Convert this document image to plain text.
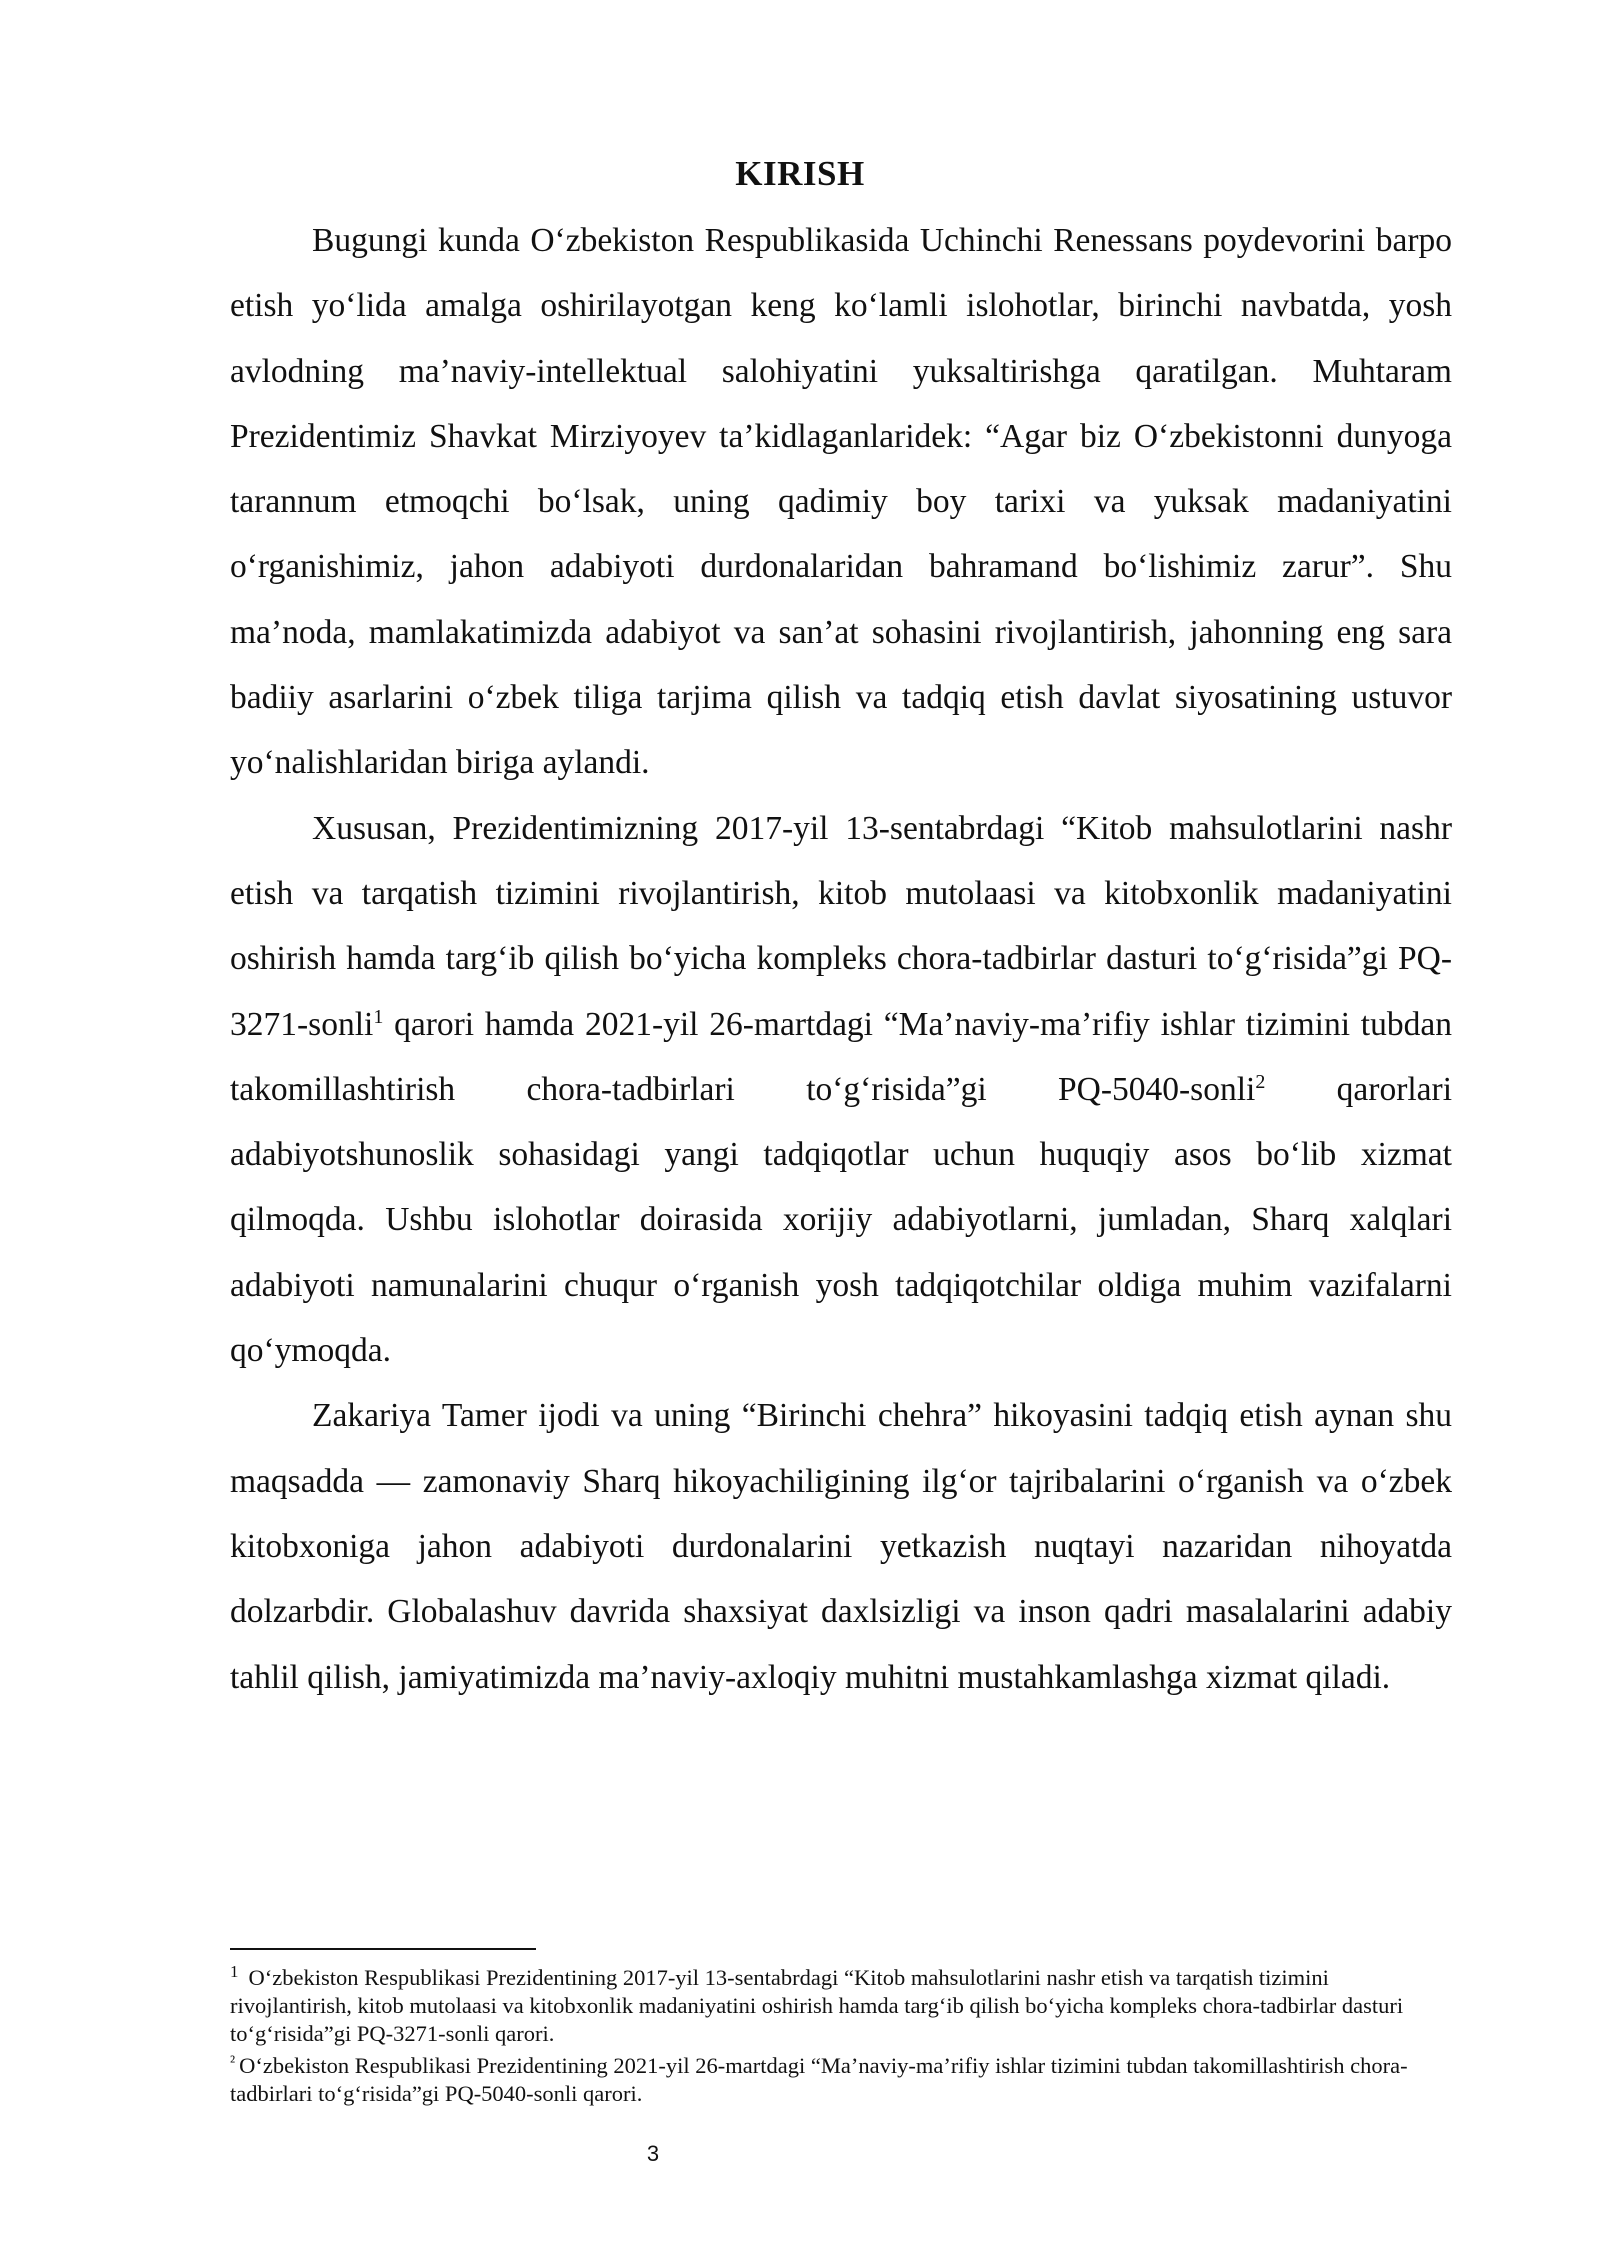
KIRISH

Bugungi kunda O‘zbekiston Respublikasida Uchinchi Renessans poydevorini barpo etish yo‘lida amalga oshirilayotgan keng ko‘lamli islohotlar, birinchi navbatda, yosh avlodning ma’naviy-intellektual salohiyatini yuksaltirishga qaratilgan. Muhtaram Prezidentimiz Shavkat Mirziyoyev ta’kidlaganlaridek: “Agar biz O‘zbekistonni dunyoga tarannum etmoqchi bo‘lsak, uning qadimiy boy tarixi va yuksak madaniyatini o‘rganishimiz, jahon adabiyoti durdonalaridan bahramand bo‘lishimiz zarur”. Shu ma’noda, mamlakatimizda adabiyot va san’at sohasini rivojlantirish, jahonning eng sara badiiy asarlarini o‘zbek tiligа tarjima qilish va tadqiq etish davlat siyosatining ustuvor yo‘nalishlaridan biriga aylandi.

Xususan, Prezidentimizning 2017-yil 13-sentabrdagi “Kitob mahsulotlarini nashr etish va tarqatish tizimini rivojlantirish, kitob mutolaasi va kitobxonlik madaniyatini oshirish hamda targ‘ib qilish bo‘yicha kompleks chora-tadbirlar dasturi to‘g‘risida”gi PQ-3271-sonli$^1$ qarori hamda 2021-yil 26-martdagi “Ma’naviy-ma’rifiy ishlar tizimini tubdan takomillashtirish chora-tadbirlari to‘g‘risida”gi PQ-5040-sonli$^2$ qarorlari adabiyotshunoslik sohasidagi yangi tadqiqotlar uchun huquqiy asos bo‘lib xizmat qilmoqda. Ushbu islohotlar doirasida xorijiy adabiyotlarni, jumladan, Sharq xalqlari adabiyoti namunalarini chuqur o‘rganish yosh tadqiqotchilar oldiga muhim vazifalarni qo‘ymoqda.

Zakariya Tamer ijodi va uning “Birinchi chehra” hikoyasini tadqiq etish aynan shu maqsadda — zamonaviy Sharq hikoyachiligining ilg‘or tajribalarini o‘rganish va o‘zbek kitobxoniga jahon adabiyoti durdonalarini yetkazish nuqtayi nazaridan nihoyatda dolzarbdir. Globalashuv davrida shaxsiyat daxlsizligi va inson qadri masalalarini adabiy tahlil qilish, jamiyatimizda ma’naviy-axloqiy muhitni mustahkamlashga xizmat qiladi.

$^1$ O‘zbekiston Respublikasi Prezidentining 2017-yil 13-sentabrdagi “Kitob mahsulotlarini nashr etish va tarqatish tizimini rivojlantirish, kitob mutolaasi va kitobxonlik madaniyatini oshirish hamda targ‘ib qilish bo‘yicha kompleks chora-tadbirlar dasturi to‘g‘risida”gi PQ-3271-sonli qarori.

$^{^2}$ O‘zbekiston Respublikasi Prezidentining 2021-yil 26-martdagi “Ma’naviy-ma’rifiy ishlar tizimini tubdan takomillashtirish chora-tadbirlari to‘g‘risida”gi PQ-5040-sonli qarori.

3
